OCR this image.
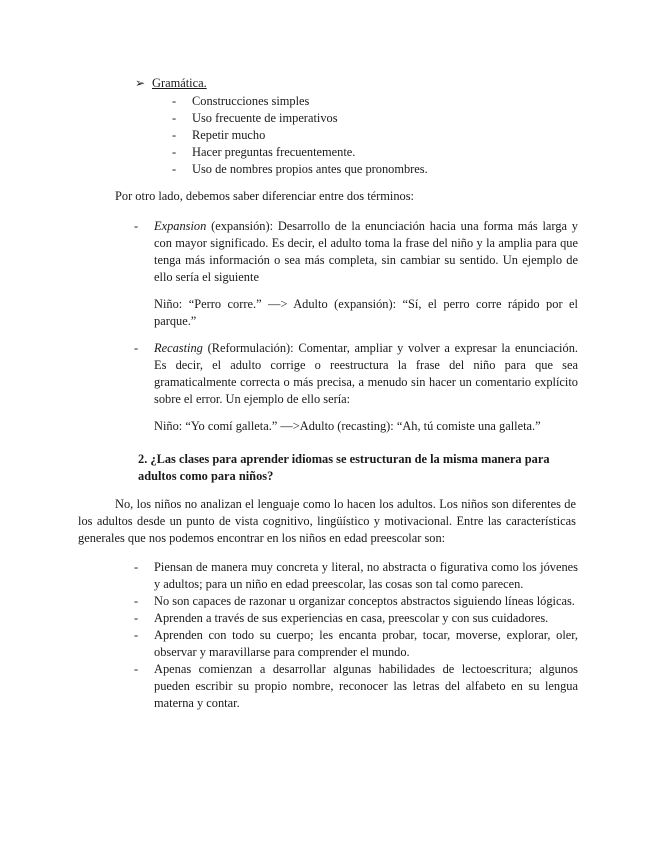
➢ Gramática.
- Construcciones simples
- Uso frecuente de imperativos
- Repetir mucho
- Hacer preguntas frecuentemente.
- Uso de nombres propios antes que pronombres.
Por otro lado, debemos saber diferenciar entre dos términos:
- Expansion (expansión): Desarrollo de la enunciación hacia una forma más larga y con mayor significado. Es decir, el adulto toma la frase del niño y la amplia para que tenga más información o sea más completa, sin cambiar su sentido. Un ejemplo de ello sería el siguiente
Niño: “Perro corre.” —> Adulto (expansión): “Sí, el perro corre rápido por el parque.”
- Recasting (Reformulación): Comentar, ampliar y volver a expresar la enunciación. Es decir, el adulto corrige o reestructura la frase del niño para que sea gramaticalmente correcta o más precisa, a menudo sin hacer un comentario explícito sobre el error. Un ejemplo de ello sería:
Niño: “Yo comí galleta.” —>Adulto (recasting): “Ah, tú comiste una galleta.”
2. ¿Las clases para aprender idiomas se estructuran de la misma manera para adultos como para niños?
No, los niños no analizan el lenguaje como lo hacen los adultos. Los niños son diferentes de los adultos desde un punto de vista cognitivo, lingüístico y motivacional. Entre las características generales que nos podemos encontrar en los niños en edad preescolar son:
- Piensan de manera muy concreta y literal, no abstracta o figurativa como los jóvenes y adultos; para un niño en edad preescolar, las cosas son tal como parecen.
- No son capaces de razonar u organizar conceptos abstractos siguiendo líneas lógicas.
- Aprenden a través de sus experiencias en casa, preescolar y con sus cuidadores.
- Aprenden con todo su cuerpo; les encanta probar, tocar, moverse, explorar, oler, observar y maravillarse para comprender el mundo.
- Apenas comienzan a desarrollar algunas habilidades de lectoescritura; algunos pueden escribir su propio nombre, reconocer las letras del alfabeto en su lengua materna y contar.
